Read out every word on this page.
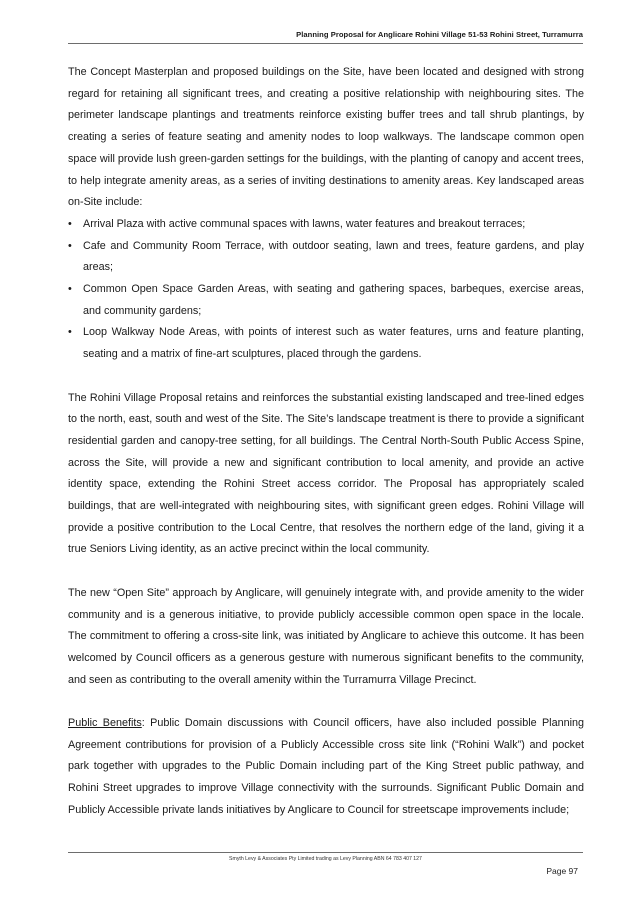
Planning Proposal for Anglicare Rohini Village 51-53 Rohini Street, Turramurra

The Concept Masterplan and proposed buildings on the Site, have been located and designed with strong regard for retaining all significant trees, and creating a positive relationship with neighbouring sites. The perimeter landscape plantings and treatments reinforce existing buffer trees and tall shrub plantings, by creating a series of feature seating and amenity nodes to loop walkways. The landscape common open space will provide lush green-garden settings for the buildings, with the planting of canopy and accent trees, to help integrate amenity areas, as a series of inviting destinations to amenity areas. Key landscaped areas on-Site include:

• Arrival Plaza with active communal spaces with lawns, water features and breakout terraces;
• Cafe and Community Room Terrace, with outdoor seating, lawn and trees, feature gardens, and play areas;
• Common Open Space Garden Areas, with seating and gathering spaces, barbeques, exercise areas, and community gardens;
• Loop Walkway Node Areas, with points of interest such as water features, urns and feature planting, seating and a matrix of fine-art sculptures, placed through the gardens.

The Rohini Village Proposal retains and reinforces the substantial existing landscaped and tree-lined edges to the north, east, south and west of the Site. The Site’s landscape treatment is there to provide a significant residential garden and canopy-tree setting, for all buildings. The Central North-South Public Access Spine, across the Site, will provide a new and significant contribution to local amenity, and provide an active identity space, extending the Rohini Street access corridor. The Proposal has appropriately scaled buildings, that are well-integrated with neighbouring sites, with significant green edges. Rohini Village will provide a positive contribution to the Local Centre, that resolves the northern edge of the land, giving it a true Seniors Living identity, as an active precinct within the local community.

The new “Open Site” approach by Anglicare, will genuinely integrate with, and provide amenity to the wider community and is a generous initiative, to provide publicly accessible common open space in the locale. The commitment to offering a cross-site link, was initiated by Anglicare to achieve this outcome. It has been welcomed by Council officers as a generous gesture with numerous significant benefits to the community, and seen as contributing to the overall amenity within the Turramurra Village Precinct.

Public Benefits: Public Domain discussions with Council officers, have also included possible Planning Agreement contributions for provision of a Publicly Accessible cross site link (“Rohini Walk”) and pocket park together with upgrades to the Public Domain including part of the King Street public pathway, and Rohini Street upgrades to improve Village connectivity with the surrounds. Significant Public Domain and Publicly Accessible private lands initiatives by Anglicare to Council for streetscape improvements include;

Smyth Levy & Associates Pty Limited trading as Levy Planning ABN 64 783 407 127
Page 97
